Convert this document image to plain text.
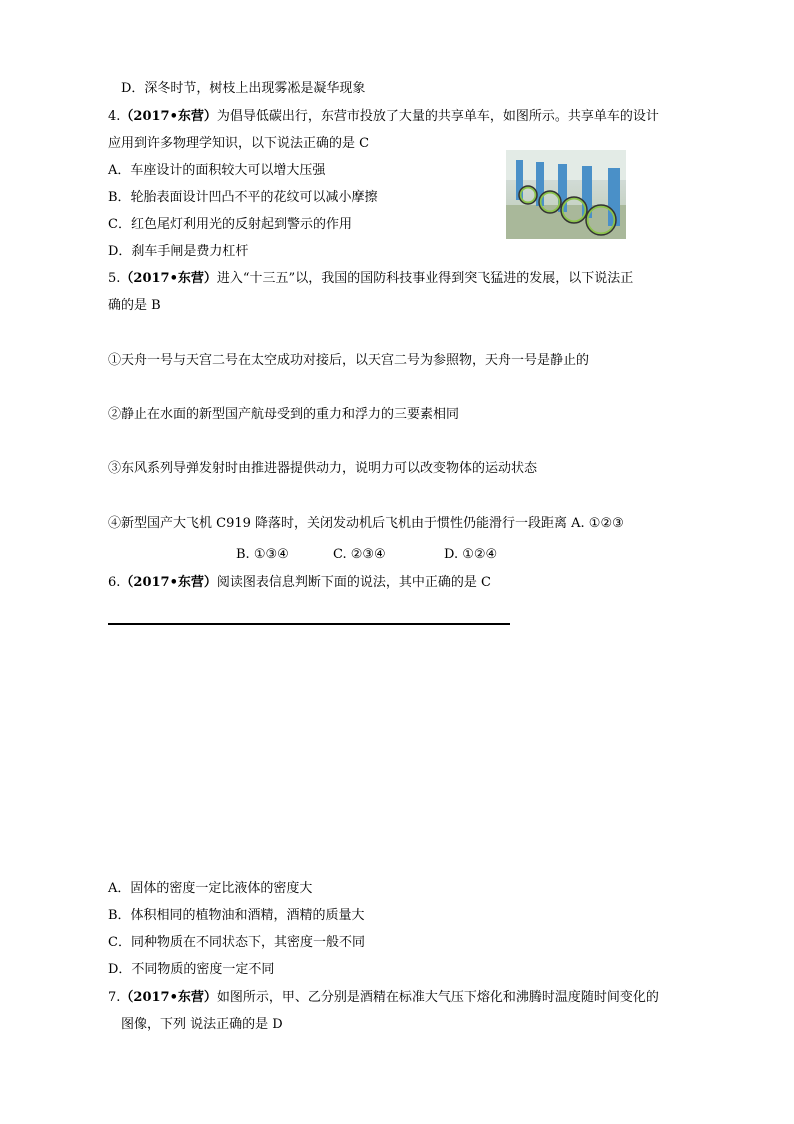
D．深冬时节，树枝上出现雾凇是凝华现象
4.（2017•东营）为倡导低碳出行，东营市投放了大量的共享单车，如图所示。共享单车的设计
应用到许多物理学知识，以下说法正确的是 C
A．车座设计的面积较大可以增大压强
B．轮胎表面设计凹凸不平的花纹可以减小摩擦
C．红色尾灯利用光的反射起到警示的作用
D．刹车手闸是费力杠杆
5.（2017•东营）进入“十三五”以，我国的国防科技事业得到突飞猛进的发展，以下说法正
确的是 B
①天舟一号与天宫二号在太空成功对接后，以天宫二号为参照物，天舟一号是静止的
②静止在水面的新型国产航母受到的重力和浮力的三要素相同
③东风系列导弹发射时由推进器提供动力，说明力可以改变物体的运动状态
④新型国产大飞机 C919 降落时，关闭发动机后飞机由于惯性仍能滑行一段距离 A. ①②③
B. ①③④	C. ②③④	D. ①②④
6.（2017•东营）阅读图表信息判断下面的说法，其中正确的是 C
A．固体的密度一定比液体的密度大
B．体积相同的植物油和酒精，酒精的质量大
C．同种物质在不同状态下，其密度一般不同
D．不同物质的密度一定不同
7.（2017•东营）如图所示，甲、乙分别是酒精在标准大气压下熔化和沸腾时温度随时间变化的
图像，下列 说法正确的是 D
